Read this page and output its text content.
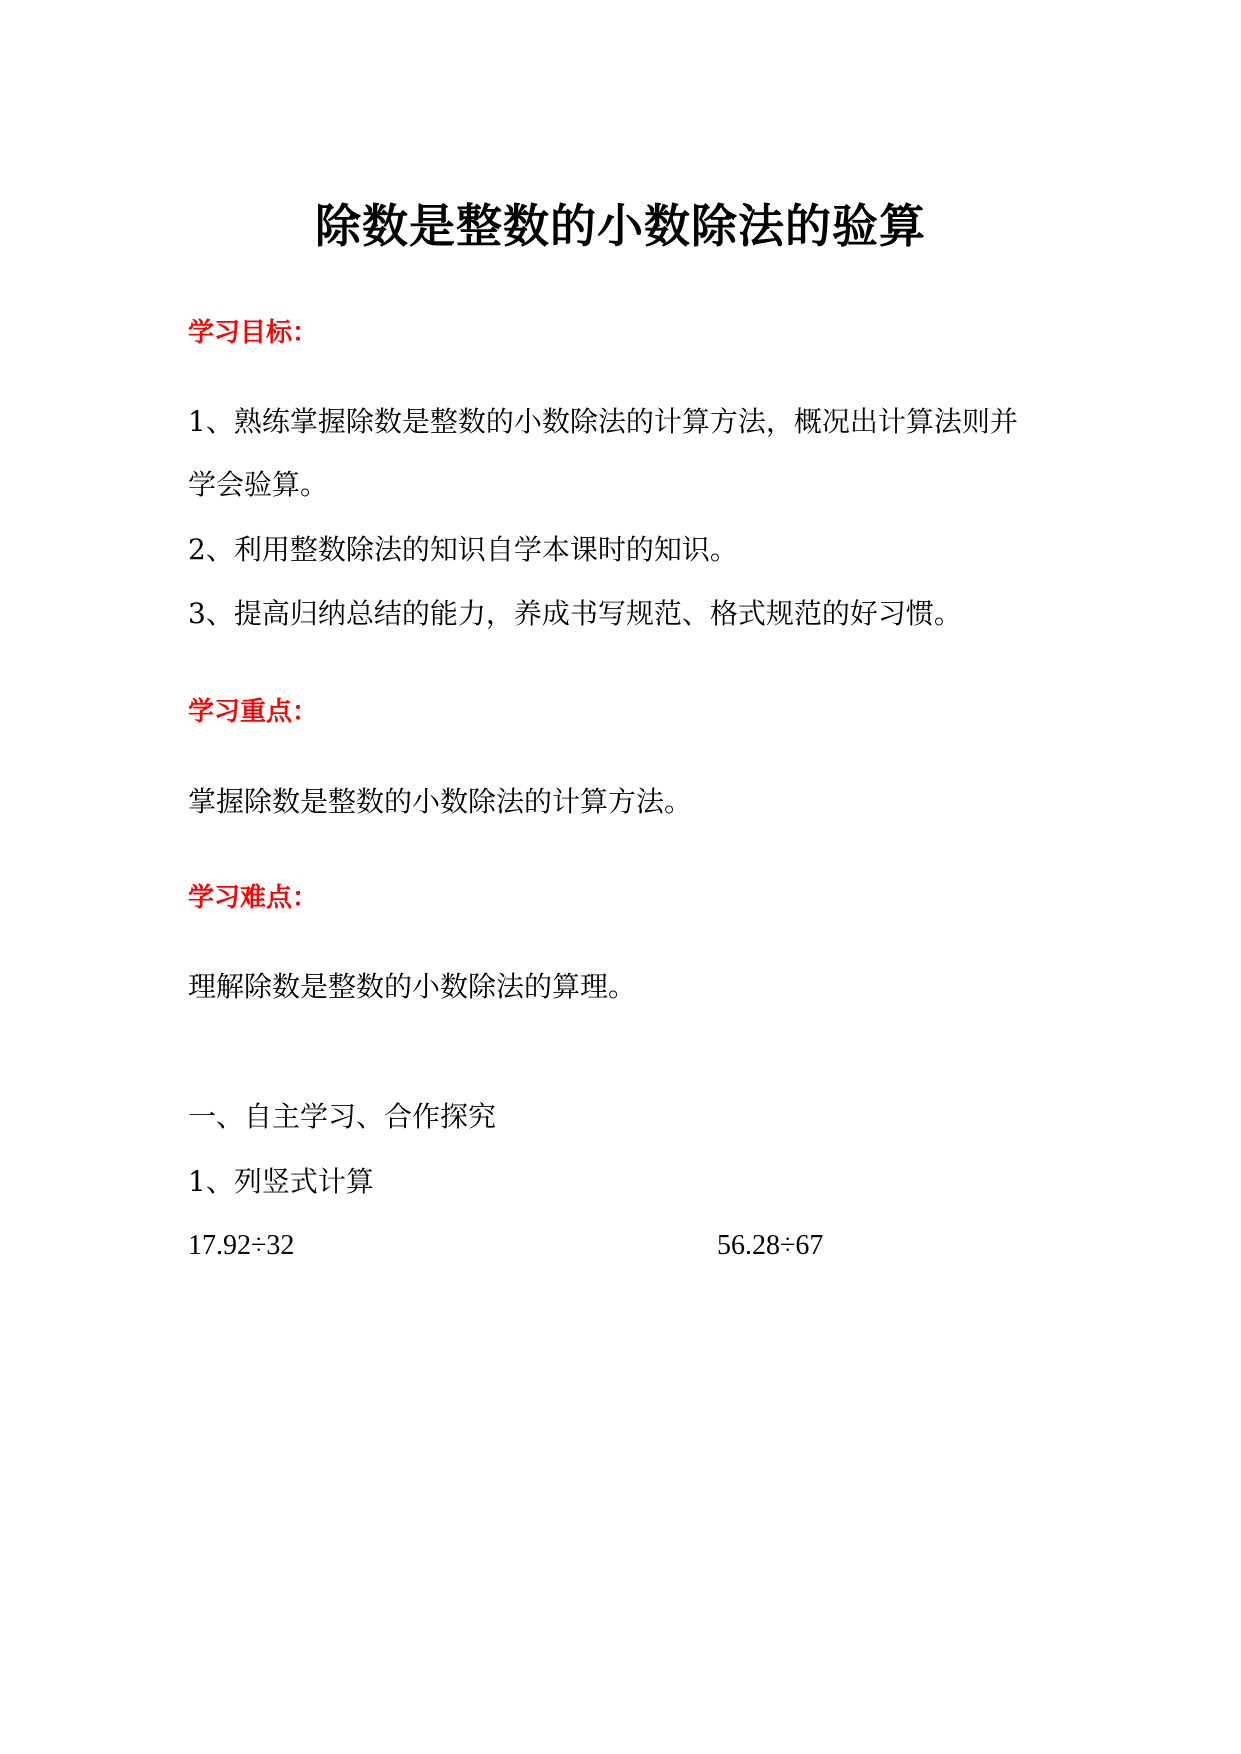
除数是整数的小数除法的验算
学习目标：
1、熟练掌握除数是整数的小数除法的计算方法，概况出计算法则并
学会验算。
2、利用整数除法的知识自学本课时的知识。
3、提高归纳总结的能力，养成书写规范、格式规范的好习惯。
学习重点：
掌握除数是整数的小数除法的计算方法。
学习难点：
理解除数是整数的小数除法的算理。
一、自主学习、合作探究
1、列竖式计算
17.92÷32	56.28÷67
